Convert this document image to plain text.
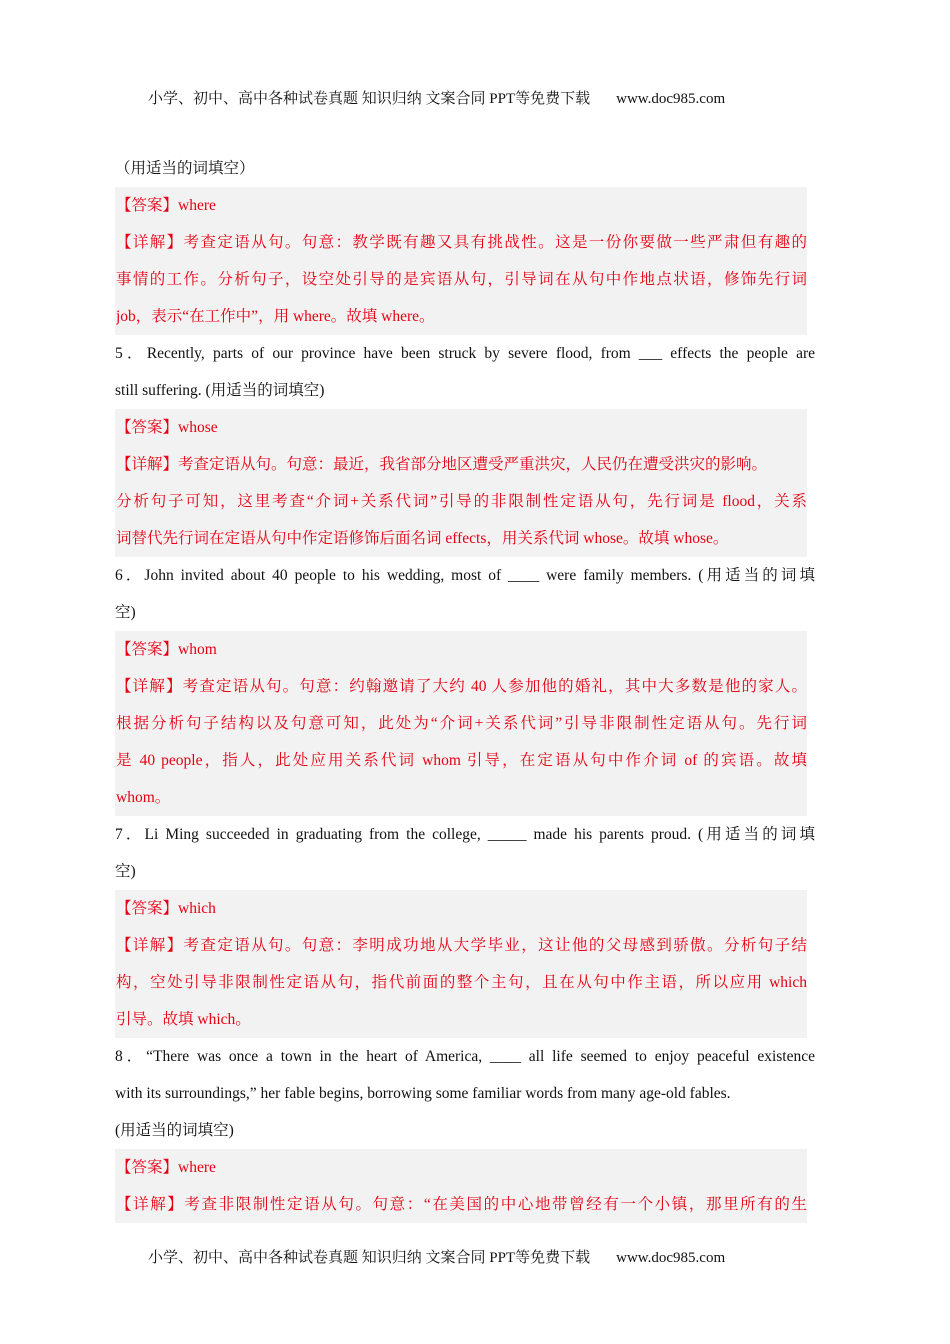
小学、初中、高中各种试卷真题 知识归纳 文案合同 PPT等免费下载 www.doc985.com
（用适当的词填空）
【答案】where
【详解】考查定语从句。句意：教学既有趣又具有挑战性。这是一份你要做一些严肃但有趣的
事情的工作。分析句子，设空处引导的是宾语从句，引导词在从句中作地点状语，修饰先行词
job，表示“在工作中”，用 where。故填 where。
5．Recently, parts of our province have been struck by severe flood, from ___ effects the people are
still suffering. (用适当的词填空)
【答案】whose
【详解】考查定语从句。句意：最近，我省部分地区遭受严重洪灾，人民仍在遭受洪灾的影响。
分析句子可知，这里考查“介词+关系代词”引导的非限制性定语从句，先行词是 flood，关系
词替代先行词在定语从句中作定语修饰后面名词 effects，用关系代词 whose。故填 whose。
6．John invited about 40 people to his wedding, most of ____ were family members. (用适当的词填
空)
【答案】whom
【详解】考查定语从句。句意：约翰邀请了大约 40 人参加他的婚礼，其中大多数是他的家人。
根据分析句子结构以及句意可知，此处为“介词+关系代词”引导非限制性定语从句。先行词
是 40 people，指人，此处应用关系代词 whom 引导，在定语从句中作介词 of 的宾语。故填
whom。
7．Li Ming succeeded in graduating from the college, _____ made his parents proud. (用适当的词填
空)
【答案】which
【详解】考查定语从句。句意：李明成功地从大学毕业，这让他的父母感到骄傲。分析句子结
构，空处引导非限制性定语从句，指代前面的整个主句，且在从句中作主语，所以应用 which
引导。故填 which。
8．“There was once a town in the heart of America, ____ all life seemed to enjoy peaceful existence
with its surroundings,” her fable begins, borrowing some familiar words from many age-old fables.
(用适当的词填空)
【答案】where
【详解】考查非限制性定语从句。句意：“在美国的中心地带曾经有一个小镇，那里所有的生
小学、初中、高中各种试卷真题 知识归纳 文案合同 PPT等免费下载 www.doc985.com
